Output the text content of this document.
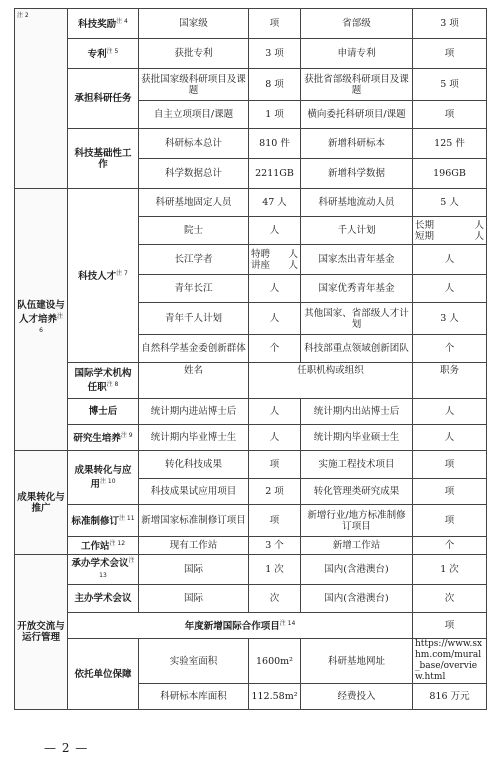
$^{注 2}$	科技奖励$^{注 4}$	国家级	项	省部级	3 项
	专利$^{注 5}$	获批专利	3 项	申请专利	项
	承担科研任务	获批国家级科研项目及课题	8 项	获批省部级科研项目及课题	5 项
		自主立项项目/课题	1 项	横向委托科研项目/课题	项
	科技基础性工作	科研标本总计	810 件	新增科研标本	125 件
		科学数据总计	2211GB	新增科学数据	196GB
队伍建设与人才培养$^{注 6}$	科技人才$^{注 7}$	科研基地固定人员	47 人	科研基地流动人员	5 人
		院士	人	千人计划	长期 人
短期 人

		长江学者	特聘 人
讲座 人	国家杰出青年基金	人
		青年长江	人	国家优秀青年基金	人
		青年千人计划	人	其他国家、省部级人才计划	3 人
		自然科学基金委创新群体	个	科技部重点领域创新团队	个
	国际学术机构任职$^{注 8}$	姓名	任职机构或组织		职务
	博士后	统计期内进站博士后	人	统计期内出站博士后	人
	研究生培养$^{注 9}$	统计期内毕业博士生	人	统计期内毕业硕士生	人
成果转化与推广	成果转化与应用$^{注 10}$	转化科技成果	项	实施工程技术项目	项
		科技成果试应用项目	2 项	转化管理类研究成果	项
	标准制修订$^{注 11}$	新增国家标准制修订项目	项	新增行业/地方标准制修订项目	项
	工作站$^{注 12}$	现有工作站	3 个	新增工作站	个
开放交流与运行管理	承办学术会议$^{注 13}$	国际	1 次	国内(含港澳台)	1 次
	主办学术会议	国际	次	国内(含港澳台)	次
	年度新增国际合作项目$^{注 14}$				项
	依托单位保障	实验室面积	1600m²	科研基地网址	https://www.sxhm.com/mural_base/overview.html
		科研标本库面积	112.58m²	经费投入	816 万元
— 2 —
